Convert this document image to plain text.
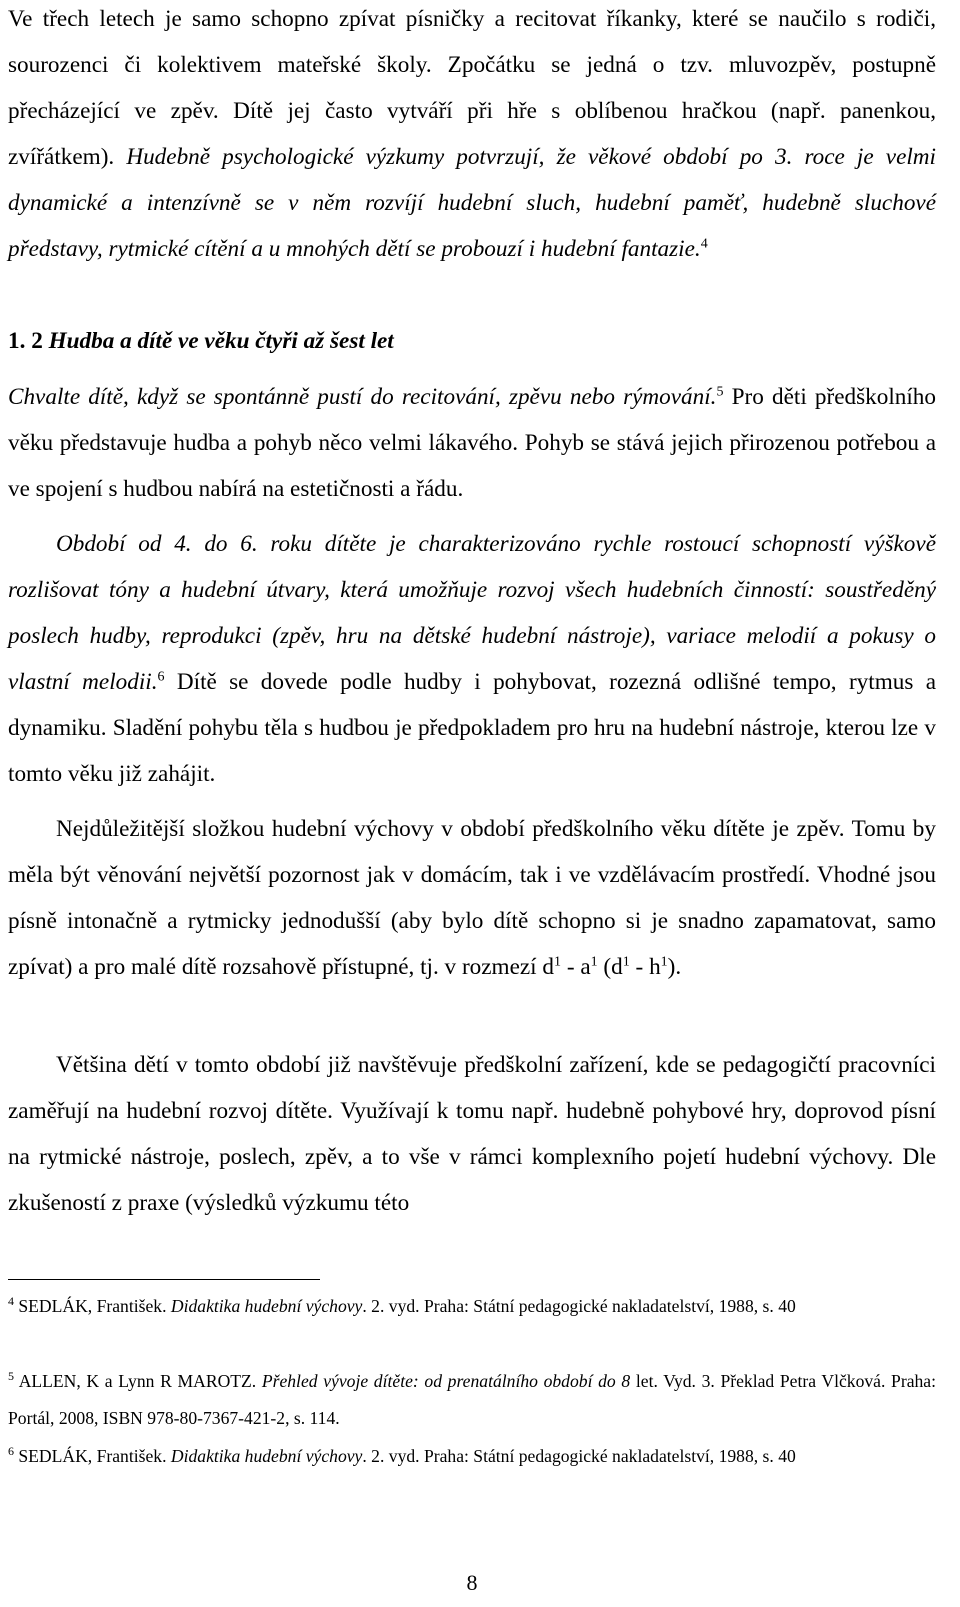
Ve třech letech je samo schopno zpívat písničky a recitovat říkanky, které se naučilo s rodiči, sourozenci či kolektivem mateřské školy. Zpočátku se jedná o tzv. mluvozpěv, postupně přecházející ve zpěv. Dítě jej často vytváří při hře s oblíbenou hračkou (např. panenkou, zvířátkem). Hudebně psychologické výzkumy potvrzují, že věkové období po 3. roce je velmi dynamické a intenzívně se v něm rozvíjí hudební sluch, hudební paměť, hudebně sluchové představy, rytmické cítění a u mnohých dětí se probouzí i hudební fantazie.$^4$

1. 2 Hudba a dítě ve věku čtyři až šest let

Chvalte dítě, když se spontánně pustí do recitování, zpěvu nebo rýmování.$^5$ Pro děti předškolního věku představuje hudba a pohyb něco velmi lákavého. Pohyb se stává jejich přirozenou potřebou a ve spojení s hudbou nabírá na estetičnosti a řádu.

Období od 4. do 6. roku dítěte je charakterizováno rychle rostoucí schopností výškově rozlišovat tóny a hudební útvary, která umožňuje rozvoj všech hudebních činností: soustředěný poslech hudby, reprodukci (zpěv, hru na dětské hudební nástroje), variace melodií a pokusy o vlastní melodii.$^6$ Dítě se dovede podle hudby i pohybovat, rozezná odlišné tempo, rytmus a dynamiku. Sladění pohybu těla s hudbou je předpokladem pro hru na hudební nástroje, kterou lze v tomto věku již zahájit.

Nejdůležitější složkou hudební výchovy v období předškolního věku dítěte je zpěv. Tomu by měla být věnování největší pozornost jak v domácím, tak i ve vzdělávacím prostředí. Vhodné jsou písně intonačně a rytmicky jednodušší (aby bylo dítě schopno si je snadno zapamatovat, samo zpívat) a pro malé dítě rozsahově přístupné, tj. v rozmezí $d^1 - a^1$ $(d^1 - h^1)$.

Většina dětí v tomto období již navštěvuje předškolní zařízení, kde se pedagogičtí pracovníci zaměřují na hudební rozvoj dítěte. Využívají k tomu např. hudebně pohybové hry, doprovod písní na rytmické nástroje, poslech, zpěv, a to vše v rámci komplexního pojetí hudební výchovy. Dle zkušeností z praxe (výsledků výzkumu této

$^4$ SEDLÁK, František. Didaktika hudební výchovy. 2. vyd. Praha: Státní pedagogické nakladatelství, 1988, s. 40

$^5$ ALLEN, K a Lynn R MAROTZ. Přehled vývoje dítěte: od prenatálního období do 8 let. Vyd. 3. Překlad Petra Vlčková. Praha: Portál, 2008, ISBN 978-80-7367-421-2, s. 114.

$^6$ SEDLÁK, František. Didaktika hudební výchovy. 2. vyd. Praha: Státní pedagogické nakladatelství, 1988, s. 40

8
